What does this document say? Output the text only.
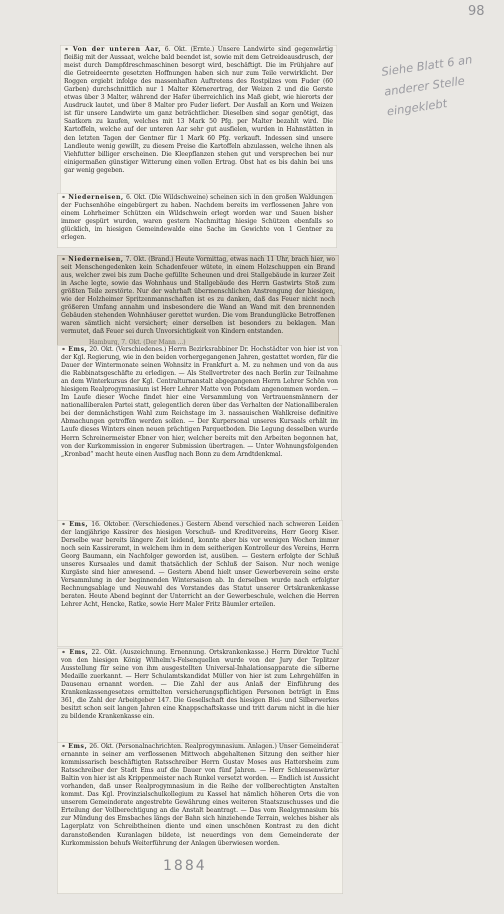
98
Siehe Blatt 6 an anderer Stelle eingeklebt

⚬ Von der unteren Aar, 6. Okt. (Ernte.) Unsere Landwirte sind gegenwärtig fleißig mit der Aussaat, welche bald beendet ist, sowie mit dem Getreideausdrusch, der meist durch Dampfdreschmaschinen besorgt wird, beschäftigt. Die im Frühjahre auf die Getreideernte gesetzten Hoffnungen haben sich nur zum Teile verwirklicht. Der Roggen ergiebt infolge des massenhaften Auftretens des Rostpilzes vom Fuder (60 Garben) durchschnittlich nur 1 Malter Körnerertrag, der Weizen 2 und die Gerste etwas über 3 Malter, während der Hafer überreichlich ins Maß giebt, wie hierorts der Ausdruck lautet, und über 8 Malter pro Fuder liefert. Der Ausfall an Korn und Weizen ist für unsere Landwirte um ganz beträchtlicher. Dieselben sind sogar genötigt, das Saatkorn zu kaufen, welches mit 13 Mark 50 Pfg. per Malter bezahlt wird. Die Kartoffeln, welche auf der unteren Aar sehr gut ausfielen, wurden in Hahnstätten in den letzten Tagen der Gentner für 1 Mark 60 Pfg. verkauft. Indessen sind unsere Landleute wenig gewillt, zu diesem Preise die Kartoffeln abzulassen, welche ihnen als Viehfutter billiger erscheinen. Die Kleepflanzen stehen gut und versprechen bei nur einigermaßen günstiger Witterung einen vollen Ertrag. Obst hat es bis dahin bei uns gar wenig gegeben.

⚬ Niederneisen, 6. Okt. (Die Wildschweine) scheinen sich in den großen Waldungen der Fuchsenhöhe eingebürgert zu haben. Nachdem bereits im verflossenen Jahre von einem Lohrheimer Schützen ein Wildschwein erlegt worden war und Sauen bisher immer gespürt wurden, waren gestern Nachmittag hiesige Schützen ebenfalls so glücklich, im hiesigen Gemeindewalde eine Sache im Gewichte von 1 Gentner zu erlegen.

⚬ Niederneisen, 7. Okt. (Brand.) Heute Vormittag, etwas nach 11 Uhr, brach hier, wo seit Menschengedenken kein Schadenfeuer wütete, in einem Holzschuppen ein Brand aus, welcher zwei bis zum Dache gefüllte Scheunen und drei Stallgebäude in kurzer Zeit in Asche legte, sowie das Wohnhaus und Stallgebäude des Herrn Gastwirts Stoß zum größten Teile zerstörte. Nur der wahrhaft übermenschlichen Anstrengung der hiesigen, wie der Holzheimer Spritzenmannschaften ist es zu danken, daß das Feuer nicht noch größeren Umfang annahm und insbesondere die Wand an Wand mit den brennenden Gebäuden stehenden Wohnhäuser gerettet wurden. Die vom Brandunglücke Betroffenen waren sämtlich nicht versichert; einer derselben ist besonders zu beklagen. Man vermutet, daß Feuer sei durch Unvorsichtigkeit von Kindern entstanden.

Hamburg, 7. Okt. (Der Mann ...)

⚬ Ems, 20. Okt. (Verschiedenes.) Herrn Bezirksrabbiner Dr. Hochstädter von hier ist von der Kgl. Regierung, wie in den beiden vorhergegangenen Jahren, gestattet worden, für die Dauer der Wintermonate seinen Wohnsitz in Frankfurt a. M. zu nehmen und von da aus die Rabbinatsgeschäfte zu erledigen. — Als Stellvertreter des nach Berlin zur Teilnahme an dem Winterkursus der Kgl. Centralturnanstalt abgegangenen Herrn Lehrer Schön von hiesigem Realprogymnasium ist Herr Lehrer Matte von Potsdam angenommen worden. — Im Laufe dieser Woche findet hier eine Versammlung von Vertrauensmännern der nationalliberalen Partei statt, gelegentlich deren über das Verhalten der Nationalliberalen bei der demnächstigen Wahl zum Reichstage im 3. nassauischen Wahlkreise definitive Abmachungen getroffen werden sollen. — Der Kurpersonal unseres Kursaals erhält im Laufe dieses Winters einen neuen prächtigen Parquetboden. Die Legung desselben wurde Herrn Schreinermeister Ebner von hier, welcher bereits mit den Arbeiten begonnen hat, von der Kurkommission in engerer Submission übertragen. — Unter Wohnungsfolgenden „Kronbad“ macht heute einen Ausflug nach Bonn zu dem Arndtdenkmal.

⚬ Ems, 16. Oktober. (Verschiedenes.) Gestern Abend verschied nach schweren Leiden der langjährige Kassirer des hiesigen Vorschuß- und Kreditvereins, Herr Georg Kiser. Derselbe war bereits längere Zeit leidend, konnte aber bis vor wenigen Wochen immer noch sein Kassireramt, in welchem ihm in dem seitherigen Kontrolleur des Vereins, Herrn Georg Baumann, ein Nachfolger geworden ist, ausüben. — Gestern erfolgte der Schluß unseres Kursaales und damit thatsächlich der Schluß der Saison. Nur noch wenige Kurgäste sind hier anwesend. — Gestern Abend hielt unser Gewerbeverein seine erste Versammlung in der beginnenden Wintersaison ab. In derselben wurde nach erfolgter Rechnungsablage und Neuwahl des Vorstandes das Statut unserer Ortskrankenkasse beraten. Heute Abend beginnt der Unterricht an der Gewerbeschule, welchen die Herren Lehrer Acht, Hencke, Ratke, sowie Herr Maler Fritz Bäumler erteilen.

⚬ Ems, 22. Okt. (Auszeichnung. Ernennung. Ortskrankenkasse.) Herrn Direktor Tuchl von den hiesigen König Wilhelm's-Felsenquellen wurde von der Jury der Teplitzer Ausstellung für seine von ihm ausgestellten Universal-Inhalationsapparate die silberne Medaille zuerkannt. — Herr Schulamtskandidat Müller von hier ist zum Lehrgehülfen in Dausenau ernannt worden. — Die Zahl der aus Anlaß der Einführung des Krankenkassengesetzes ermittelten versicherungspflichtigen Personen beträgt in Ems 361, die Zahl der Arbeitgeber 147. Die Gesellschaft des hiesigen Blei- und Silberwerkes besitzt schon seit langen Jahren eine Knappschaftskasse und tritt darum nicht in die hier zu bildende Krankenkasse ein.

⚬ Ems, 26. Okt. (Personalnachrichten. Realprogymnasium. Anlagen.) Unser Gemeinderat ernannte in seiner am verflossenen Mittwoch abgehaltenen Sitzung den seither hier kommissarisch beschäftigten Ratsschreiber Herrn Gustav Moses aus Hattersheim zum Ratsschreiber der Stadt Ems auf die Dauer von fünf Jahren. — Herr Schleusenwärter Baltin von hier ist als Krippenmeister nach Runkel versetzt worden. — Endlich ist Aussicht vorhanden, daß unser Realprogymnasium in die Reihe der vollberechtigten Anstalten kommt. Das Kgl. Provinzialschulkollegium zu Kassel hat nämlich höheren Orts die von unserem Gemeinderate angestrebte Gewährung eines weiteren Staatszuschusses und die Erteilung der Vollberechtigung an die Anstalt beantragt. — Das vom Realgymnasium bis zur Mündung des Emsbaches längs der Bahn sich hinziehende Terrain, welches bisher als Lagerplatz von Schreibtheinen diente und einen unschönen Kontrast zu den dicht daranstoßenden Kuranlagen bildete, ist neuerdings von dem Gemeinderate der Kurkommission behufs Weiterführung der Anlagen überwiesen worden.

1884
